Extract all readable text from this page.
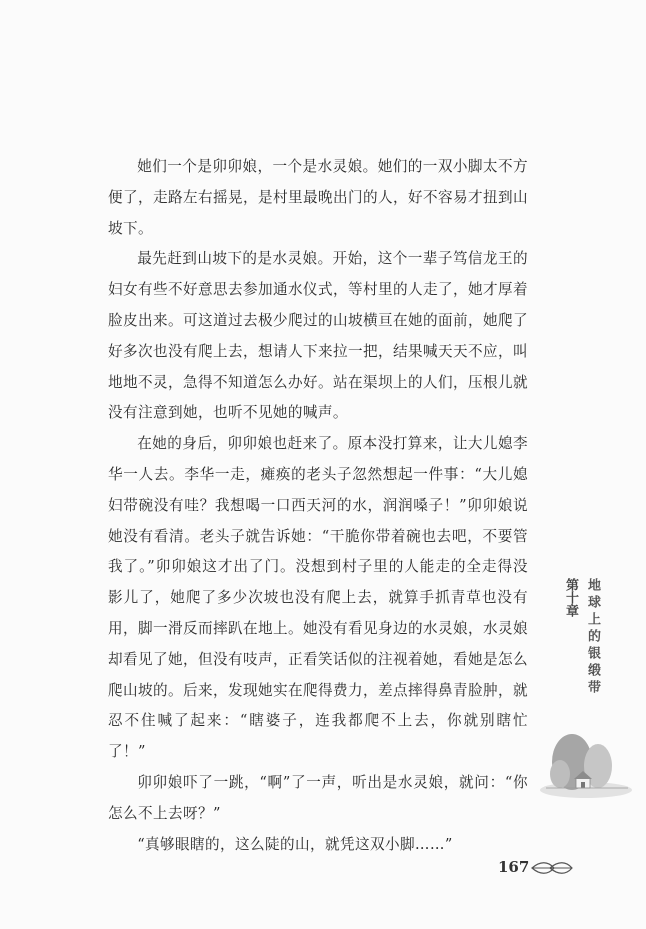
她们一个是卯卯娘，一个是水灵娘。她们的一双小脚太不方便了，走路左右摇晃，是村里最晚出门的人，好不容易才扭到山坡下。

最先赶到山坡下的是水灵娘。开始，这个一辈子笃信龙王的妇女有些不好意思去参加通水仪式，等村里的人走了，她才厚着脸皮出来。可这道过去极少爬过的山坡横亘在她的面前，她爬了好多次也没有爬上去，想请人下来拉一把，结果喊天天不应，叫地地不灵，急得不知道怎么办好。站在渠坝上的人们，压根儿就没有注意到她，也听不见她的喊声。

在她的身后，卯卯娘也赶来了。原本没打算来，让大儿媳李华一人去。李华一走，瘫痪的老头子忽然想起一件事：“大儿媳妇带碗没有哇？我想喝一口西天河的水，润润嗓子！”卯卯娘说她没有看清。老头子就告诉她：“干脆你带着碗也去吧，不要管我了。”卯卯娘这才出了门。没想到村子里的人能走的全走得没影儿了，她爬了多少次坡也没有爬上去，就算手抓青草也没有用，脚一滑反而摔趴在地上。她没有看见身边的水灵娘，水灵娘却看见了她，但没有吱声，正看笑话似的注视着她，看她是怎么爬山坡的。后来，发现她实在爬得费力，差点摔得鼻青脸肿，就忍不住喊了起来：“瞎婆子，连我都爬不上去，你就别瞎忙了！”

卯卯娘吓了一跳，“啊”了一声，听出是水灵娘，就问：“你怎么不上去呀？”

“真够眼瞎的，这么陡的山，就凭这双小脚……”

第十章 地球上的银缎带
167
